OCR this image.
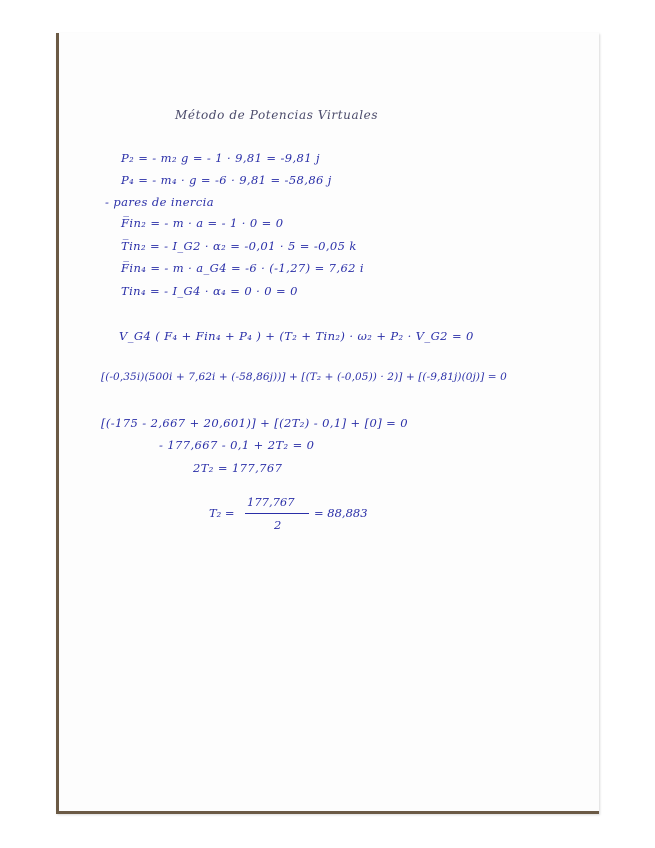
Método de Potencias Virtuales
P₂ = - m₂ g = - 1 · 9,81 = -9,81 j
P₄ = - m₄ · g = -6 · 9,81 = -58,86 j
- pares de inercia
F̅in₂ = - m · a = - 1 · 0 = 0
T̅in₂ = - I_G2 · α₂ = -0,01 · 5 = -0,05 k
F̅in₄ = - m · a_G4 = -6 · (-1,27) = 7,62 i
Tin₄ = - I_G4 · α₄ = 0 · 0 = 0
V_G4 ( F₄ + Fin₄ + P₄ ) + (T₂ + Tin₂) · ω₂ + P₂ · V_G2 = 0
[(-0,35i)(500i + 7,62i + (-58,86j))] + [(T₂ + (-0,05)) · 2)] + [(-9,81j)(0j)] = 0
[(-175 - 2,667 + 20,601)] + [(2T₂) - 0,1] + [0] = 0
- 177,667 - 0,1 + 2T₂ = 0
2T₂ = 177,767
T₂ =
177,767
2
= 88,883
